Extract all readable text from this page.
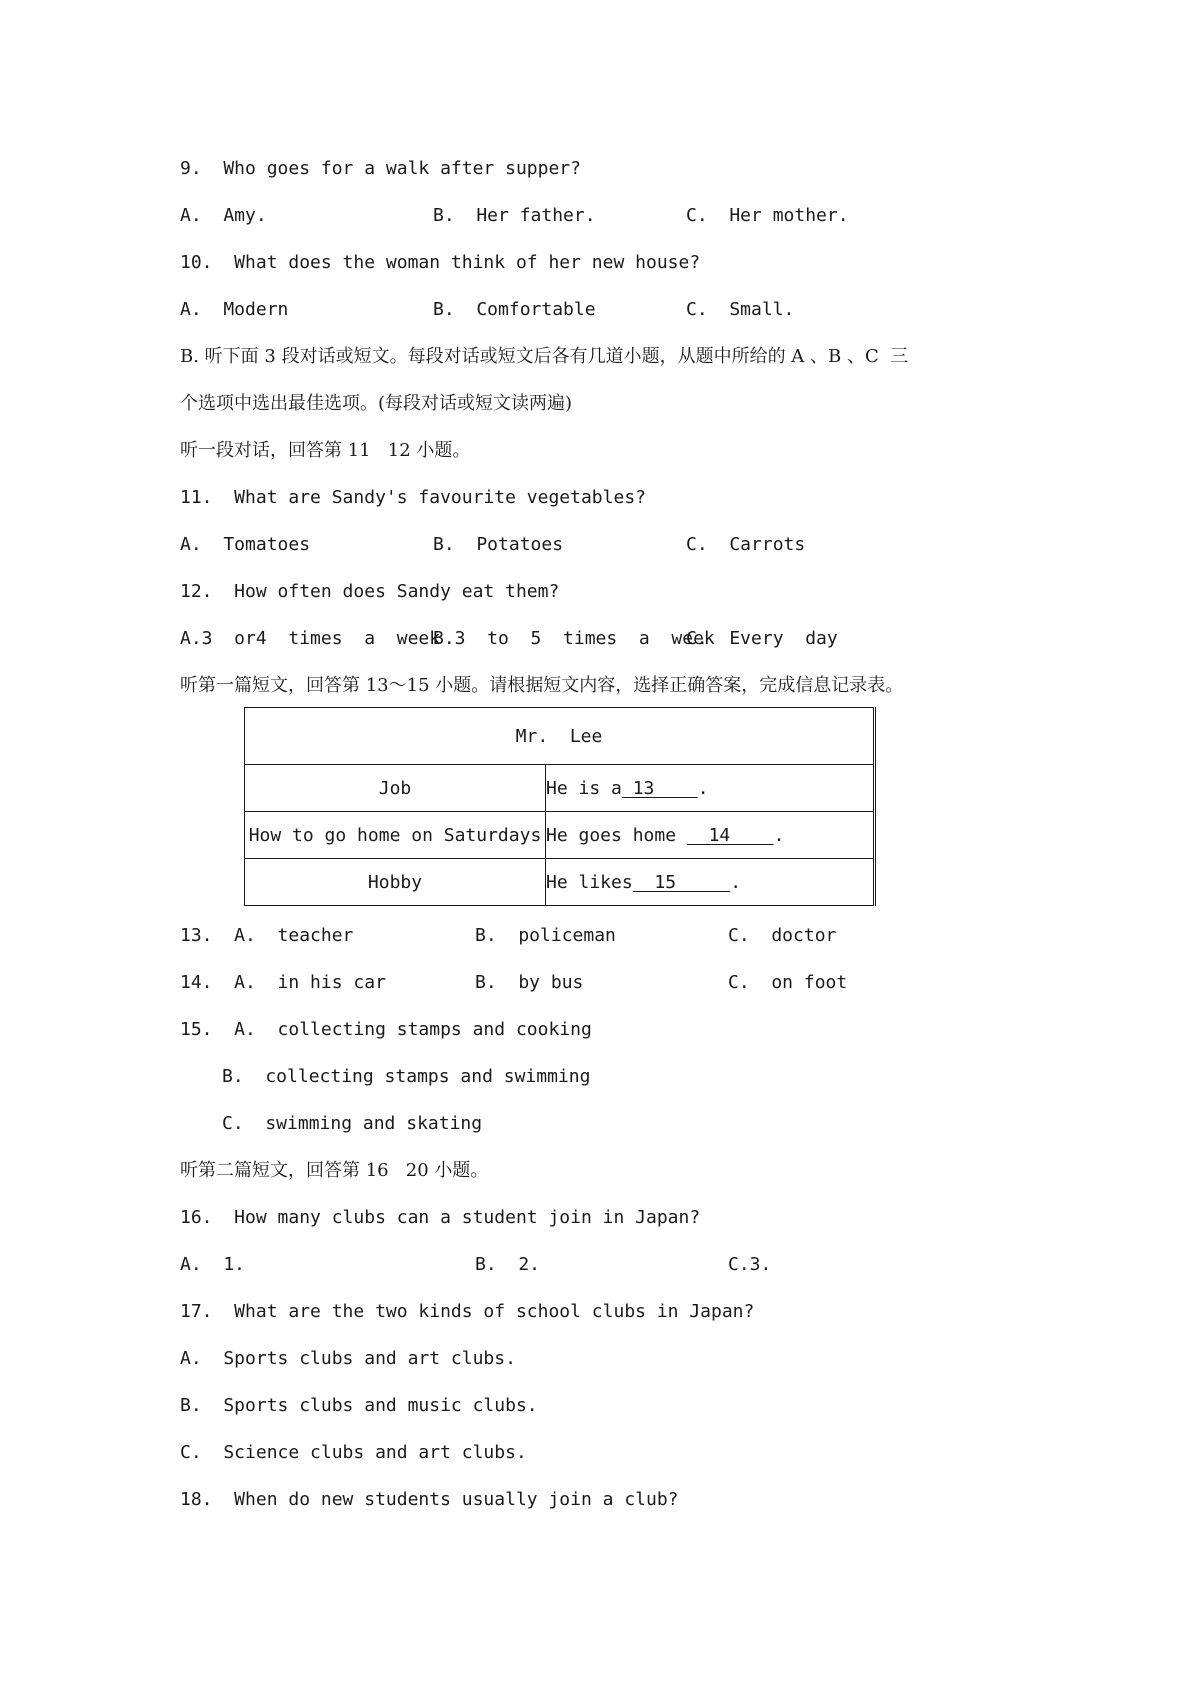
9.  Who goes for a walk after supper?

A.  Amy.

	B.  Her father.

	C.  Her mother.

10.  What does the woman think of her new house?

A.  Modern

	B.  Comfortable

	C.  Small.

B. 听下面 3 段对话或短文。每段对话或短文后各有几道小题，从题中所给的 A 、B 、C  三
个选项中选出最佳选项。(每段对话或短文读两遍)
听一段对话，回答第 11   12 小题。
11.  What are Sandy's favourite vegetables?

A.  Tomatoes

	B.  Potatoes

	C.  Carrots

12.  How often does Sandy eat them?

A.3  or4  times  a  week

B.3  to  5  times  a  week

C.  Every  day

听第一篇短文，回答第 13～15 小题。请根据短文内容，选择正确答案，完成信息记录表。
Mr.  Lee	
Job	He is a 13    .
How to go home on Saturdays	He goes home   14    .
Hobby	He likes  15     .

13.  A.  teacher

	B.  policeman

	C.  doctor

14.  A.  in his car

	B.  by bus

	C.  on foot

15.  A.  collecting stamps and cooking
B.  collecting stamps and swimming
C.  swimming and skating
听第二篇短文，回答第 16   20 小题。
16.  How many clubs can a student join in Japan?

A.  1.

	B.  2.

	C.3.

17.  What are the two kinds of school clubs in Japan?
A.  Sports clubs and art clubs.
B.  Sports clubs and music clubs.
C.  Science clubs and art clubs.
18.  When do new students usually join a club?
